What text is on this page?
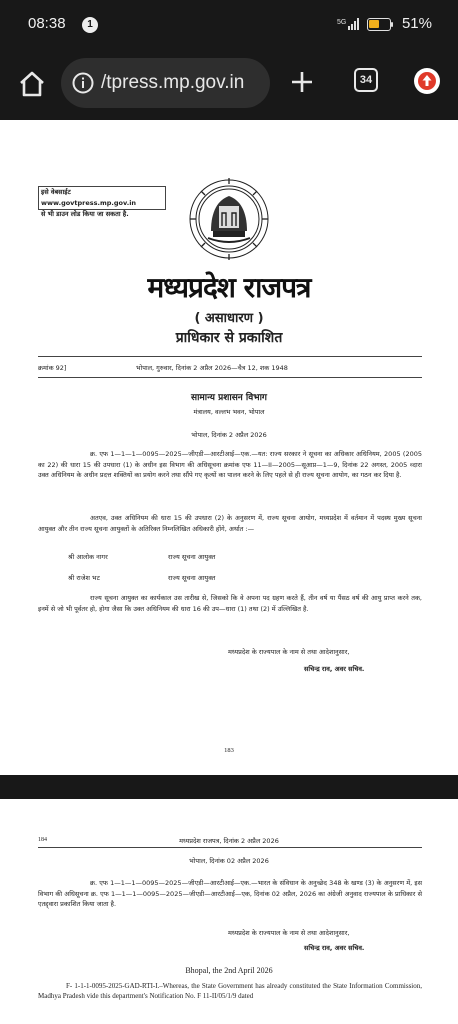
08:38	1	5G	51%
/tpress.mp.gov.in	34
इसे वेबसाईट www.govtpress.mp.gov.in
से भी डाउन लोड किया जा सकता है.
मध्यप्रदेश राजपत्र
( असाधारण )
प्राधिकार से प्रकाशित
क्रमांक 92]	भोपाल, गुरुवार, दिनांक 2 अप्रैल 2026—चैत्र 12, शक 1948
सामान्य प्रशासन विभाग
मंत्रालय, वल्लभ भवन, भोपाल
भोपाल, दिनांक 2 अप्रैल 2026
क्र. एफ 1—1—1—0095—2025—जीएडी—आरटीआई—एक.—यत: राज्य सरकार ने सूचना का अधिकार अधिनियम, 2005 (2005 का 22) की धारा 15 की उपधारा (1) के अधीन इस विभाग की अधिसूचना क्रमांक एफ 11—II—2005—सूआप्र—1—9, दिनांक 22 अगस्त, 2005 व्दारा उक्त अधिनियम के अधीन प्रदत्त शक्तियों का प्रयोग करने तथा सौंपे गए कृत्यों का पालन करने के लिए पहले से ही राज्य सूचना आयोग, का गठन कर दिया है.
अतएव, उक्त अधिनियम की धारा 15 की उपधारा (2) के अनुसरण में, राज्य सूचना आयोग, मध्यप्रदेश में वर्तमान में पदस्थ मुख्य सूचना आयुक्त और तीन राज्य सूचना आयुक्तों के अतिरिक्त निम्नलिखित अधिकारी होंगे, अर्थात :—
श्री आलोक नागर	राज्य सूचना आयुक्त
श्री राजेश भट	राज्य सूचना आयुक्त
राज्य सूचना आयुक्त का कार्यकाल उस तारीख से, जिसको कि वे अपना पद ग्रहण करते हैं, तीन वर्ष या पैंसठ वर्ष की आयु प्राप्त करने तक, इनमें से जो भी पूर्वतर हो, होगा जैसा कि उक्त अधिनियम की धारा 16 की उप—धारा (1) तथा (2) में उल्लिखित है.
मध्यप्रदेश के राज्यपाल के नाम से तथा आदेशानुसार,
सचिन्द्र राव, अवर सचिव.
183
184	मध्यप्रदेश राजपत्र, दिनांक 2 अप्रैल 2026
भोपाल, दिनांक 02 अप्रैल 2026
क्र. एफ 1—1—1—0095—2025—जीएडी—आरटीआई—एक.—भारत के संविधान के अनुच्छेद 348 के खण्ड (3) के अनुसरण में, इस विभाग की अधिसूचना क्र. एफ 1—1—1—0095—2025—जीएडी—आरटीआई—एक, दिनांक 02 अप्रैल, 2026 का अंग्रेजी अनुवाद राज्यपाल के प्राधिकार से एतद्द्वारा प्रकाशित किया जाता है.
मध्यप्रदेश के राज्यपाल के नाम से तथा आदेशानुसार,
सचिन्द्र राव, अवर सचिव.
Bhopal, the 2nd April 2026
F- 1-1-1-0095-2025-GAD-RTI-I.–Whereas, the State Government has already constituted the State Information Commission, Madhya Pradesh vide this department's Notification No. F 11-II/05/1/9 dated
